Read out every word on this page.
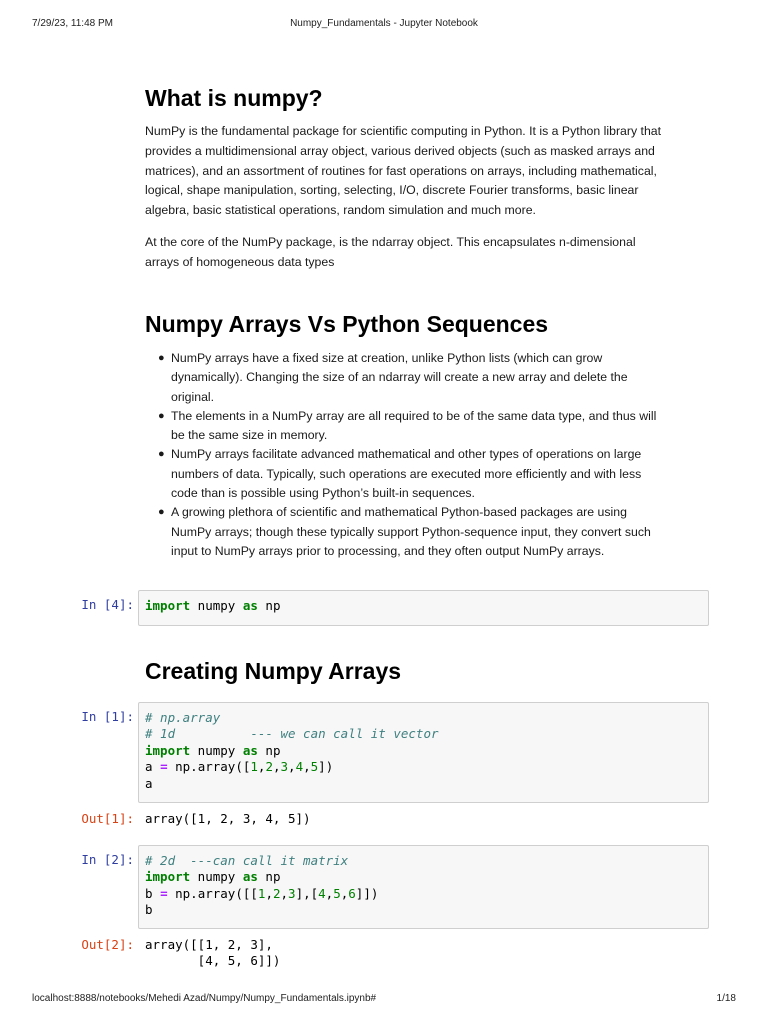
7/29/23, 11:48 PM	Numpy_Fundamentals - Jupyter Notebook
What is numpy?

NumPy is the fundamental package for scientific computing in Python. It is a Python library that
provides a multidimensional array object, various derived objects (such as masked arrays and
matrices), and an assortment of routines for fast operations on arrays, including mathematical,
logical, shape manipulation, sorting, selecting, I/O, discrete Fourier transforms, basic linear
algebra, basic statistical operations, random simulation and much more.

At the core of the NumPy package, is the ndarray object. This encapsulates n-dimensional
arrays of homogeneous data types

Numpy Arrays Vs Python Sequences
● NumPy arrays have a fixed size at creation, unlike Python lists (which can grow
dynamically). Changing the size of an ndarray will create a new array and delete the
original.
● The elements in a NumPy array are all required to be of the same data type, and thus will
be the same size in memory.
● NumPy arrays facilitate advanced mathematical and other types of operations on large
numbers of data. Typically, such operations are executed more efficiently and with less
code than is possible using Python’s built-in sequences.
● A growing plethora of scientific and mathematical Python-based packages are using
NumPy arrays; though these typically support Python-sequence input, they convert such
input to NumPy arrays prior to processing, and they often output NumPy arrays.
In [4]: import numpy as np
Creating Numpy Arrays
In [1]: # np.array
# 1d          --- we can call it vector
import numpy as np
a = np.array([1,2,3,4,5])
a
Out[1]: array([1, 2, 3, 4, 5])
In [2]: # 2d  ---can call it matrix
import numpy as np
b = np.array([[1,2,3],[4,5,6]])
b
Out[2]: array([[1, 2, 3],
[4, 5, 6]])
localhost:8888/notebooks/Mehedi Azad/Numpy/Numpy_Fundamentals.ipynb#	1/18
